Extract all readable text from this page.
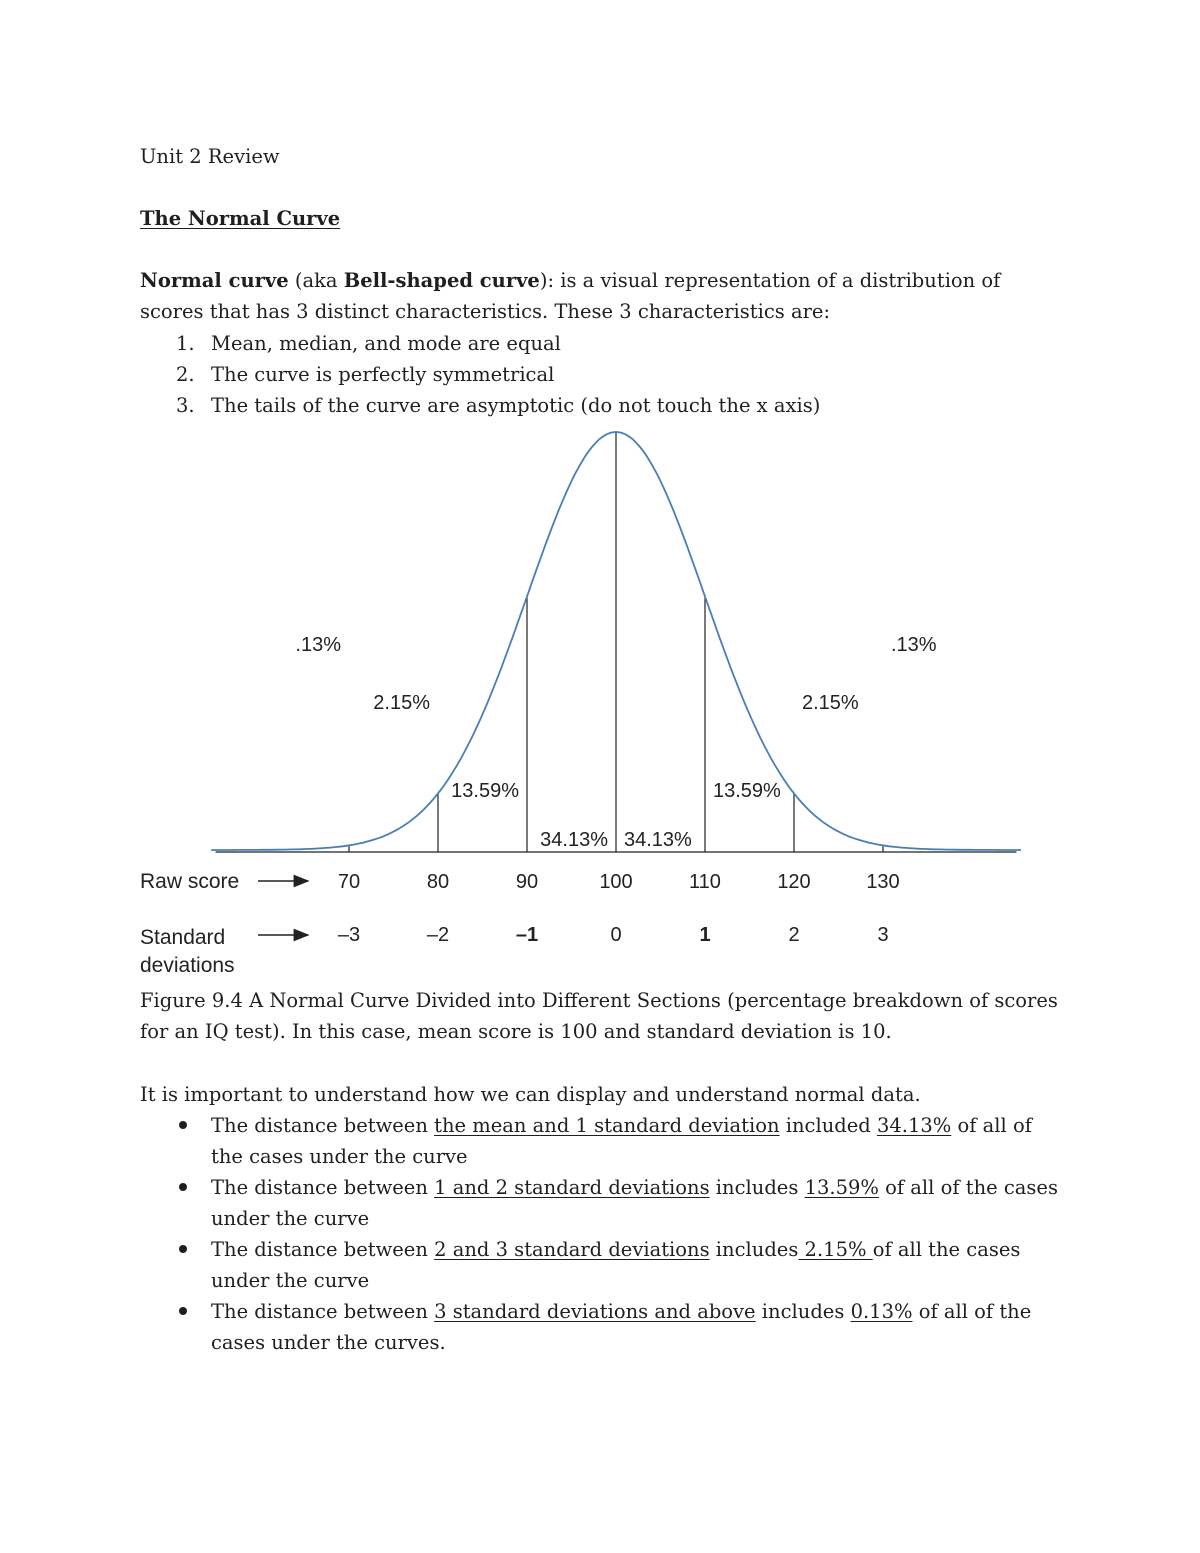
Unit 2 Review
The Normal Curve
Normal curve (aka Bell-shaped curve): is a visual representation of a distribution of scores that has 3 distinct characteristics. These 3 characteristics are:
1. Mean, median, and mode are equal
2. The curve is perfectly symmetrical
3. The tails of the curve are asymptotic (do not touch the x axis)
.13%
2.15%
13.59%
34.13% 34.13%
13.59%
2.15%
.13%
70	80	90	100	110	120	130
–3	–2	–1	0	1	2	3
Raw score
Standard
deviations
Figure 9.4 A Normal Curve Divided into Different Sections (percentage breakdown of scores for an IQ test). In this case, mean score is 100 and standard deviation is 10.
It is important to understand how we can display and understand normal data.
The distance between the mean and 1 standard deviation included 34.13% of all of the cases under the curve
The distance between 1 and 2 standard deviations includes 13.59% of all of the cases under the curve
The distance between 2 and 3 standard deviations includes 2.15% of all the cases under the curve
The distance between 3 standard deviations and above includes 0.13% of all of the cases under the curves.
